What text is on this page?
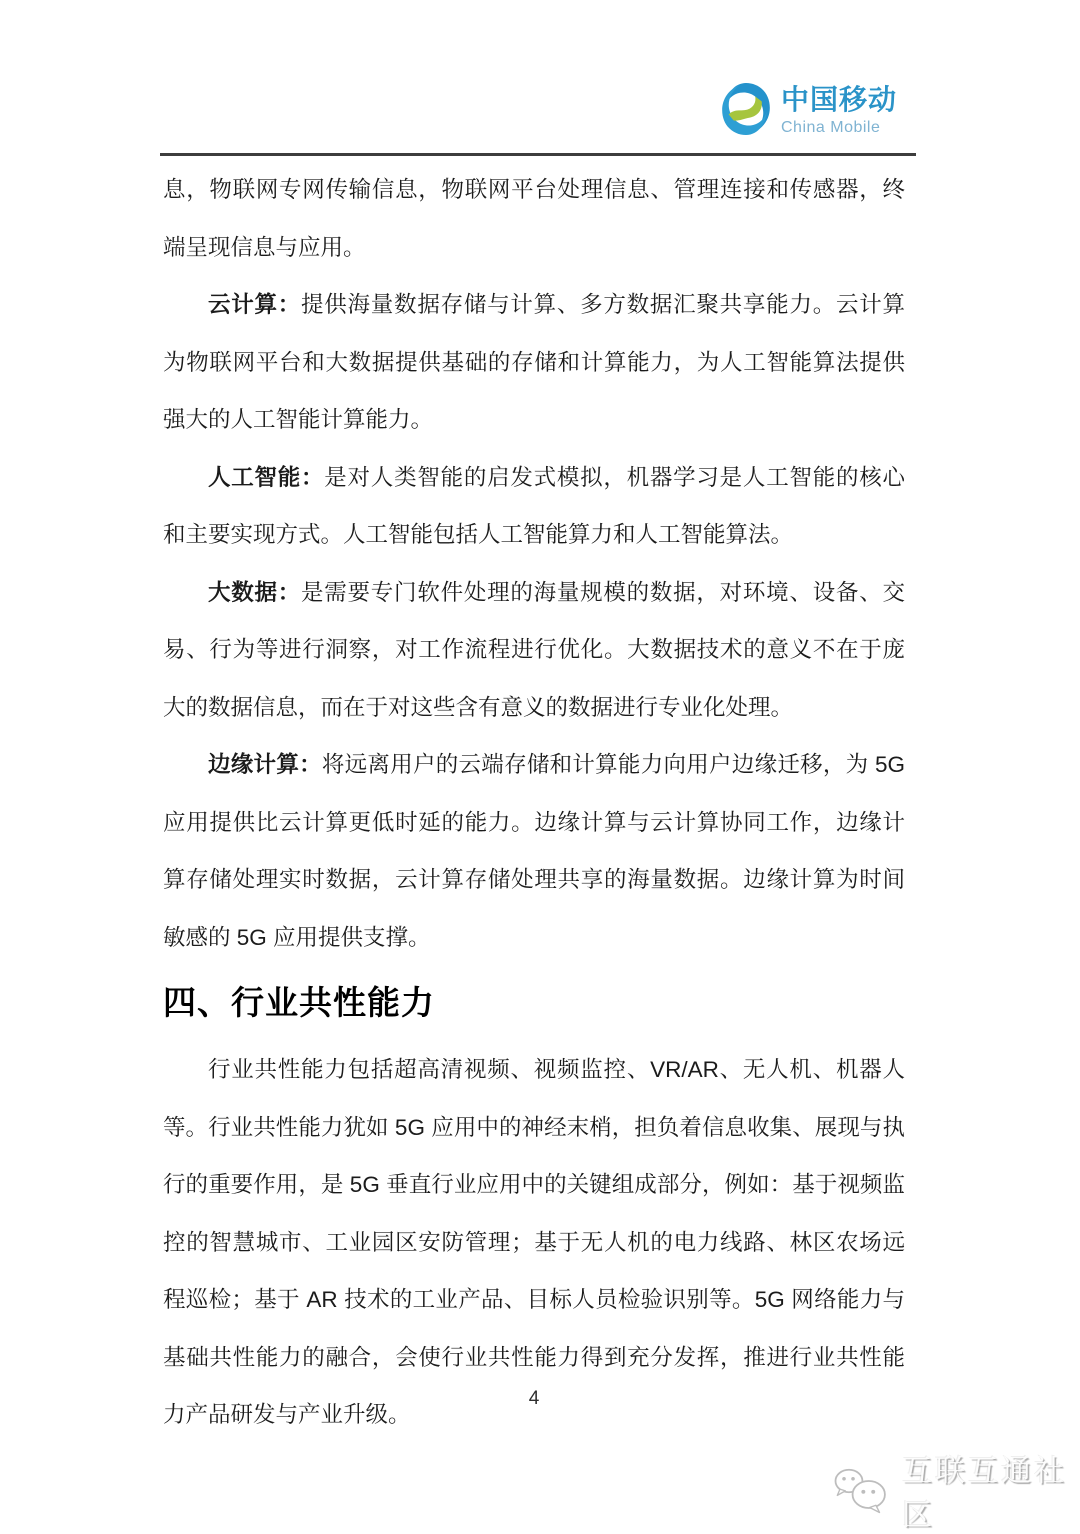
中国移动
China Mobile

息，物联网专网传输信息，物联网平台处理信息、管理连接和传感器，终端呈现信息与应用。

云计算：提供海量数据存储与计算、多方数据汇聚共享能力。云计算为物联网平台和大数据提供基础的存储和计算能力，为人工智能算法提供强大的人工智能计算能力。

人工智能：是对人类智能的启发式模拟，机器学习是人工智能的核心和主要实现方式。人工智能包括人工智能算力和人工智能算法。

大数据：是需要专门软件处理的海量规模的数据，对环境、设备、交易、行为等进行洞察，对工作流程进行优化。大数据技术的意义不在于庞大的数据信息，而在于对这些含有意义的数据进行专业化处理。

边缘计算：将远离用户的云端存储和计算能力向用户边缘迁移，为 5G 应用提供比云计算更低时延的能力。边缘计算与云计算协同工作，边缘计算存储处理实时数据，云计算存储处理共享的海量数据。边缘计算为时间敏感的 5G 应用提供支撑。

四、行业共性能力

行业共性能力包括超高清视频、视频监控、VR/AR、无人机、机器人等。行业共性能力犹如 5G 应用中的神经末梢，担负着信息收集、展现与执行的重要作用，是 5G 垂直行业应用中的关键组成部分，例如：基于视频监控的智慧城市、工业园区安防管理；基于无人机的电力线路、林区农场远程巡检；基于 AR 技术的工业产品、目标人员检验识别等。5G 网络能力与基础共性能力的融合，会使行业共性能力得到充分发挥，推进行业共性能力产品研发与产业升级。

4
互联互通社区
